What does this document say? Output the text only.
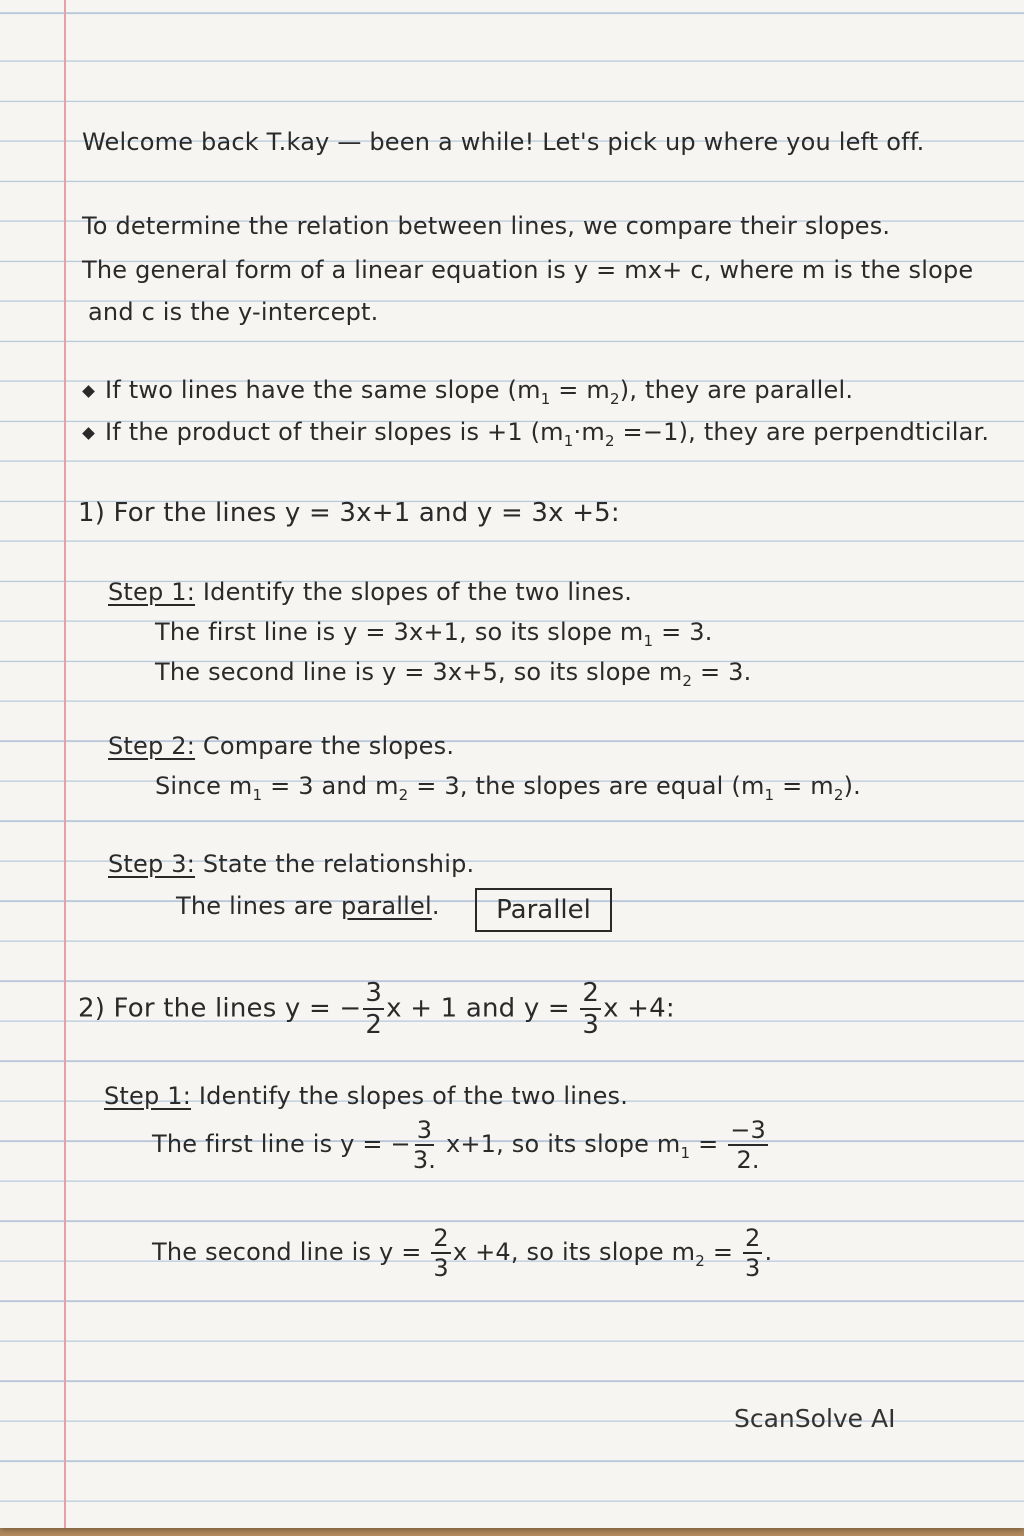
Welcome back T.kay — been a while! Let's pick up where you left off.
To determine the relation between lines, we compare their slopes.
The general form of a linear equation is y = mx+ c, where m is the slope
and c is the y-intercept.
If two lines have the same slope $(m_1 = m_2)$, they are parallel.
If the product of their slopes is +1 $(m_1\cdot m_2 =-1)$, they are perpendticilar.
1) For the lines y = 3x+1 and y = 3x +5:
Step 1: Identify the slopes of the two lines.
The first line is y = 3x+1, so its slope $m_1 = 3$.
The second line is y = 3x+5, so its slope $m_2 = 3$.
Step 2: Compare the slopes.
Since $m_1 = 3$ and $m_2 = 3$, the slopes are equal $(m_1 = m_2)$.
Step 3: State the relationship.
The lines are parallel.	Parallel
2) For the lines y = − $\frac{3}{2}$ x + 1 and $y = \frac{2}{3}$ x +4:
Step 1: Identify the slopes of the two lines.
The first line is y = − $\frac{3}{3.} x+1$, so its slope $m_1 = \frac{-3}{2.}$
The second line is $y = \frac{2}{3}$ x +4, so its slope $m_2 = \frac{2}{3}$ .
ScanSolve AI
